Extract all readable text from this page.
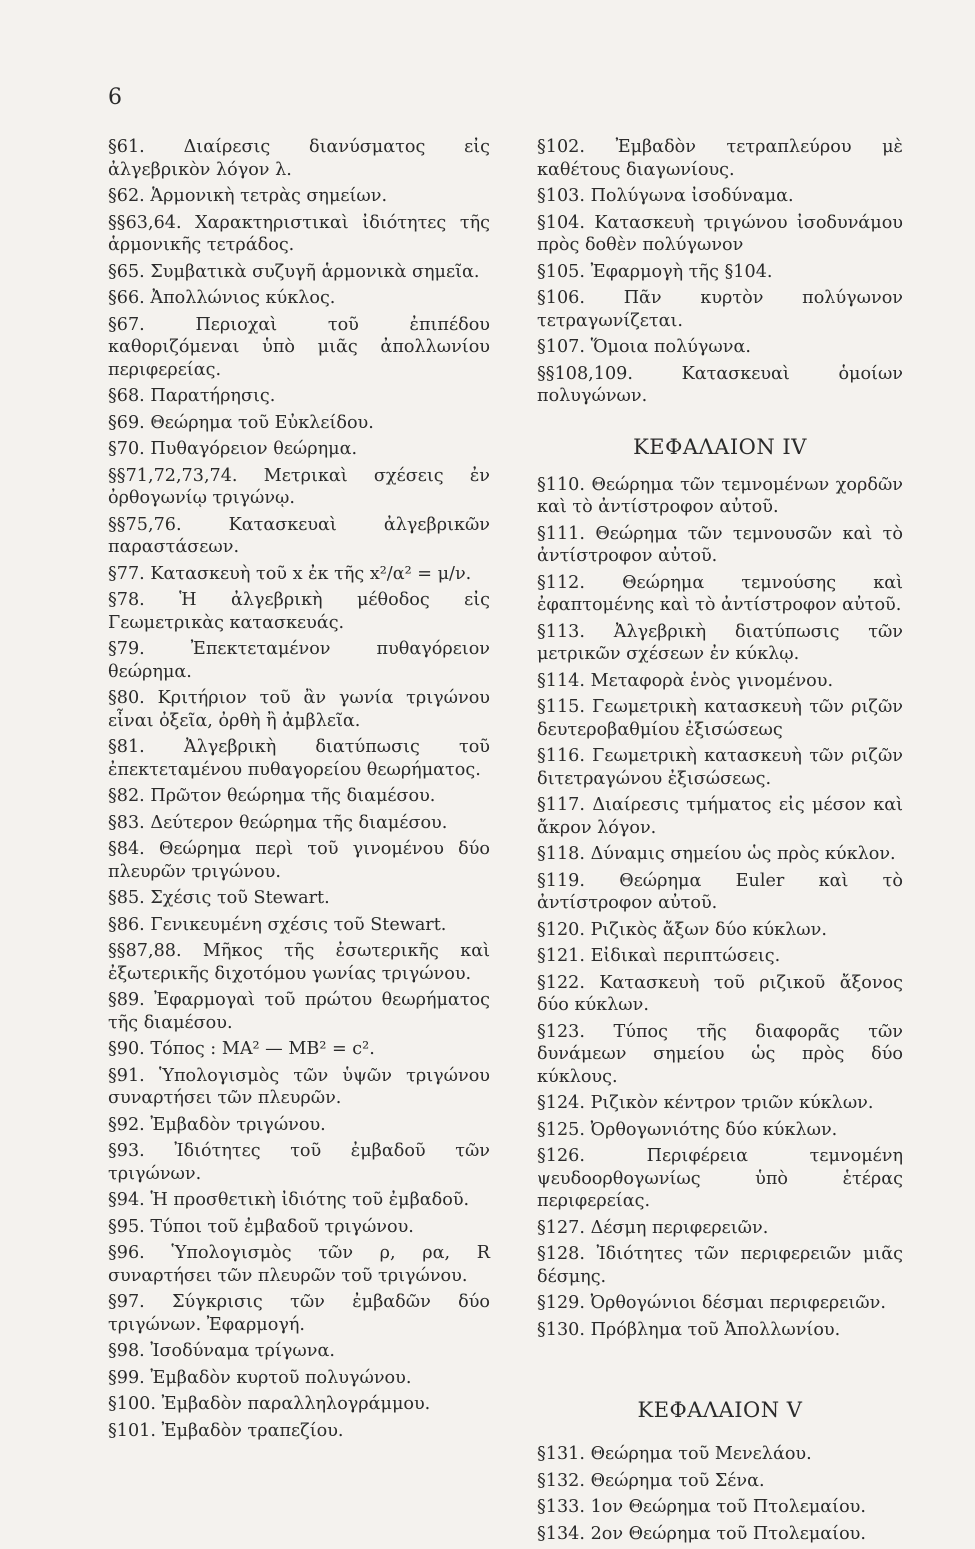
6
§61. Διαίρεσις διανύσματος εἰς ἀλγεβρικὸν λόγον λ.
§62. Ἁρμονικὴ τετρὰς σημείων.
§§63,64. Χαρακτηριστικαὶ ἰδιότητες τῆς ἁρμονικῆς τετράδος.
§65. Συμβατικὰ συζυγῆ ἁρμονικὰ σημεῖα.
§66. Ἀπολλώνιος κύκλος.
§67. Περιοχαὶ τοῦ ἐπιπέδου καθοριζόμεναι ὑπὸ μιᾶς ἀπολλωνίου περιφερείας.
§68. Παρατήρησις.
§69. Θεώρημα τοῦ Εὐκλείδου.
§70. Πυθαγόρειον θεώρημα.
§§71,72,73,74. Μετρικαὶ σχέσεις ἐν ὀρθογωνίῳ τριγώνῳ.
§§75,76. Κατασκευαὶ ἀλγεβρικῶν παραστάσεων.
§77. Κατασκευὴ τοῦ x ἐκ τῆς x²/α² = μ/ν.
§78. Ἡ ἀλγεβρικὴ μέθοδος εἰς Γεωμετρικὰς κατασκευάς.
§79. Ἐπεκτεταμένον πυθαγόρειον θεώρημα.
§80. Κριτήριον τοῦ ἂν γωνία τριγώνου εἶναι ὀξεῖα, ὀρθὴ ἢ ἀμβλεῖα.
§81. Ἀλγεβρικὴ διατύπωσις τοῦ ἐπεκτεταμένου πυθαγορείου θεωρήματος.
§82. Πρῶτον θεώρημα τῆς διαμέσου.
§83. Δεύτερον θεώρημα τῆς διαμέσου.
§84. Θεώρημα περὶ τοῦ γινομένου δύο πλευρῶν τριγώνου.
§85. Σχέσις τοῦ Stewart.
§86. Γενικευμένη σχέσις τοῦ Stewart.
§§87,88. Μῆκος τῆς ἐσωτερικῆς καὶ ἐξωτερικῆς διχοτόμου γωνίας τριγώνου.
§89. Ἐφαρμογαὶ τοῦ πρώτου θεωρήματος τῆς διαμέσου.
§90. Τόπος : ΜΑ² — ΜΒ² = c².
§91. Ὑπολογισμὸς τῶν ὑψῶν τριγώνου συναρτήσει τῶν πλευρῶν.
§92. Ἐμβαδὸν τριγώνου.
§93. Ἰδιότητες τοῦ ἐμβαδοῦ τῶν τριγώνων.
§94. Ἡ προσθετικὴ ἰδιότης τοῦ ἐμβαδοῦ.
§95. Τύποι τοῦ ἐμβαδοῦ τριγώνου.
§96. Ὑπολογισμὸς τῶν ρ, ρα, R συναρτήσει τῶν πλευρῶν τοῦ τριγώνου.
§97. Σύγκρισις τῶν ἐμβαδῶν δύο τριγώνων. Ἐφαρμογή.
§98. Ἰσοδύναμα τρίγωνα.
§99. Ἐμβαδὸν κυρτοῦ πολυγώνου.
§100. Ἐμβαδὸν παραλληλογράμμου.
§101. Ἐμβαδὸν τραπεζίου.
§102. Ἐμβαδὸν τετραπλεύρου μὲ καθέτους διαγωνίους.
§103. Πολύγωνα ἰσοδύναμα.
§104. Κατασκευὴ τριγώνου ἰσοδυνάμου πρὸς δοθὲν πολύγωνον
§105. Ἐφαρμογὴ τῆς §104.
§106. Πᾶν κυρτὸν πολύγωνον τετραγωνίζεται.
§107. Ὅμοια πολύγωνα.
§§108,109. Κατασκευαὶ ὁμοίων πολυγώνων.
ΚΕΦΑΛΑΙΟΝ IV
§110. Θεώρημα τῶν τεμνομένων χορδῶν καὶ τὸ ἀντίστροφον αὐτοῦ.
§111. Θεώρημα τῶν τεμνουσῶν καὶ τὸ ἀντίστροφον αὐτοῦ.
§112. Θεώρημα τεμνούσης καὶ ἐφαπτομένης καὶ τὸ ἀντίστροφον αὐτοῦ.
§113. Ἀλγεβρικὴ διατύπωσις τῶν μετρικῶν σχέσεων ἐν κύκλῳ.
§114. Μεταφορὰ ἑνὸς γινομένου.
§115. Γεωμετρικὴ κατασκευὴ τῶν ριζῶν δευτεροβαθμίου ἐξισώσεως
§116. Γεωμετρικὴ κατασκευὴ τῶν ριζῶν διτετραγώνου ἐξισώσεως.
§117. Διαίρεσις τμήματος εἰς μέσον καὶ ἄκρον λόγον.
§118. Δύναμις σημείου ὡς πρὸς κύκλον.
§119. Θεώρημα Euler καὶ τὸ ἀντίστροφον αὐτοῦ.
§120. Ριζικὸς ἄξων δύο κύκλων.
§121. Εἰδικαὶ περιπτώσεις.
§122. Κατασκευὴ τοῦ ριζικοῦ ἄξονος δύο κύκλων.
§123. Τύπος τῆς διαφορᾶς τῶν δυνάμεων σημείου ὡς πρὸς δύο κύκλους.
§124. Ριζικὸν κέντρον τριῶν κύκλων.
§125. Ὀρθογωνιότης δύο κύκλων.
§126. Περιφέρεια τεμνομένη ψευδοορθογωνίως ὑπὸ ἑτέρας περιφερείας.
§127. Δέσμη περιφερειῶν.
§128. Ἰδιότητες τῶν περιφερειῶν μιᾶς δέσμης.
§129. Ὀρθογώνιοι δέσμαι περιφερειῶν.
§130. Πρόβλημα τοῦ Ἀπολλωνίου.
ΚΕΦΑΛΑΙΟΝ V
§131. Θεώρημα τοῦ Μενελάου.
§132. Θεώρημα τοῦ Σένα.
§133. 1ον Θεώρημα τοῦ Πτολεμαίου.
§134. 2ον Θεώρημα τοῦ Πτολεμαίου.
